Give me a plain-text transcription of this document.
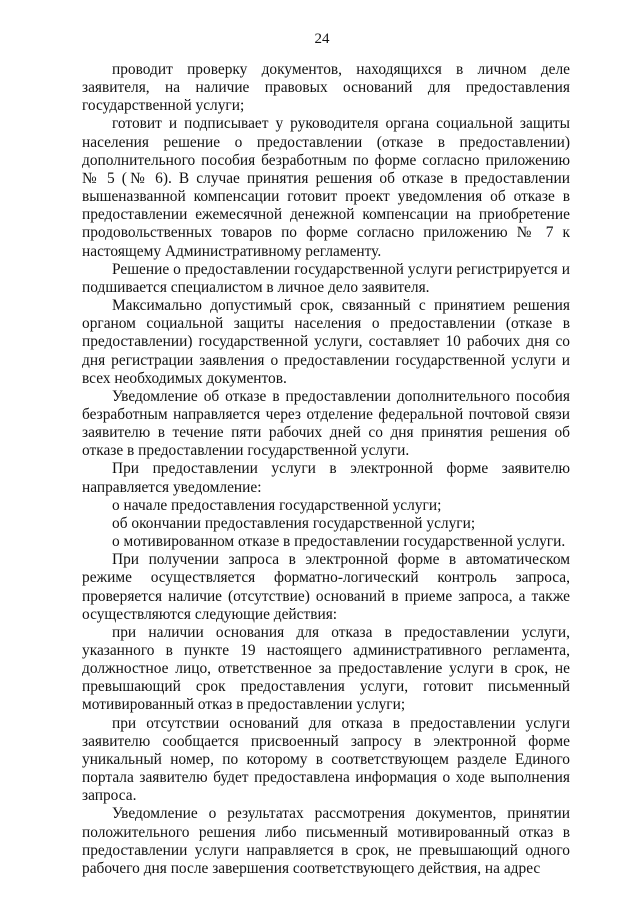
24

проводит проверку документов, находящихся в личном деле заявителя, на наличие правовых оснований для предоставления государственной услуги;

готовит и подписывает у руководителя органа социальной защиты населения решение о предоставлении (отказе в предоставлении) дополнительного пособия безработным по форме согласно приложению № 5 (№ 6). В случае принятия решения об отказе в предоставлении вышеназванной компенсации готовит проект уведомления об отказе в предоставлении ежемесячной денежной компенсации на приобретение продовольственных товаров по форме согласно приложению № 7 к настоящему Административному регламенту.

Решение о предоставлении государственной услуги регистрируется и подшивается специалистом в личное дело заявителя.

Максимально допустимый срок, связанный с принятием решения органом социальной защиты населения о предоставлении (отказе в предоставлении) государственной услуги, составляет 10 рабочих дня со дня регистрации заявления о предоставлении государственной услуги и всех необходимых документов.

Уведомление об отказе в предоставлении дополнительного пособия безработным направляется через отделение федеральной почтовой связи заявителю в течение пяти рабочих дней со дня принятия решения об отказе в предоставлении государственной услуги.

При предоставлении услуги в электронной форме заявителю направляется уведомление:

о начале предоставления государственной услуги;

об окончании предоставления государственной услуги;

о мотивированном отказе в предоставлении государственной услуги.

При получении запроса в электронной форме в автоматическом режиме осуществляется форматно-логический контроль запроса, проверяется наличие (отсутствие) оснований в приеме запроса, а также осуществляются следующие действия:

при наличии основания для отказа в предоставлении услуги, указанного в пункте 19 настоящего административного регламента, должностное лицо, ответственное за предоставление услуги в срок, не превышающий срок предоставления услуги, готовит письменный мотивированный отказ в предоставлении услуги;

при отсутствии оснований для отказа в предоставлении услуги заявителю сообщается присвоенный запросу в электронной форме уникальный номер, по которому в соответствующем разделе Единого портала заявителю будет предоставлена информация о ходе выполнения запроса.

Уведомление о результатах рассмотрения документов, принятии положительного решения либо письменный мотивированный отказ в предоставлении услуги направляется в срок, не превышающий одного рабочего дня после завершения соответствующего действия, на адрес
